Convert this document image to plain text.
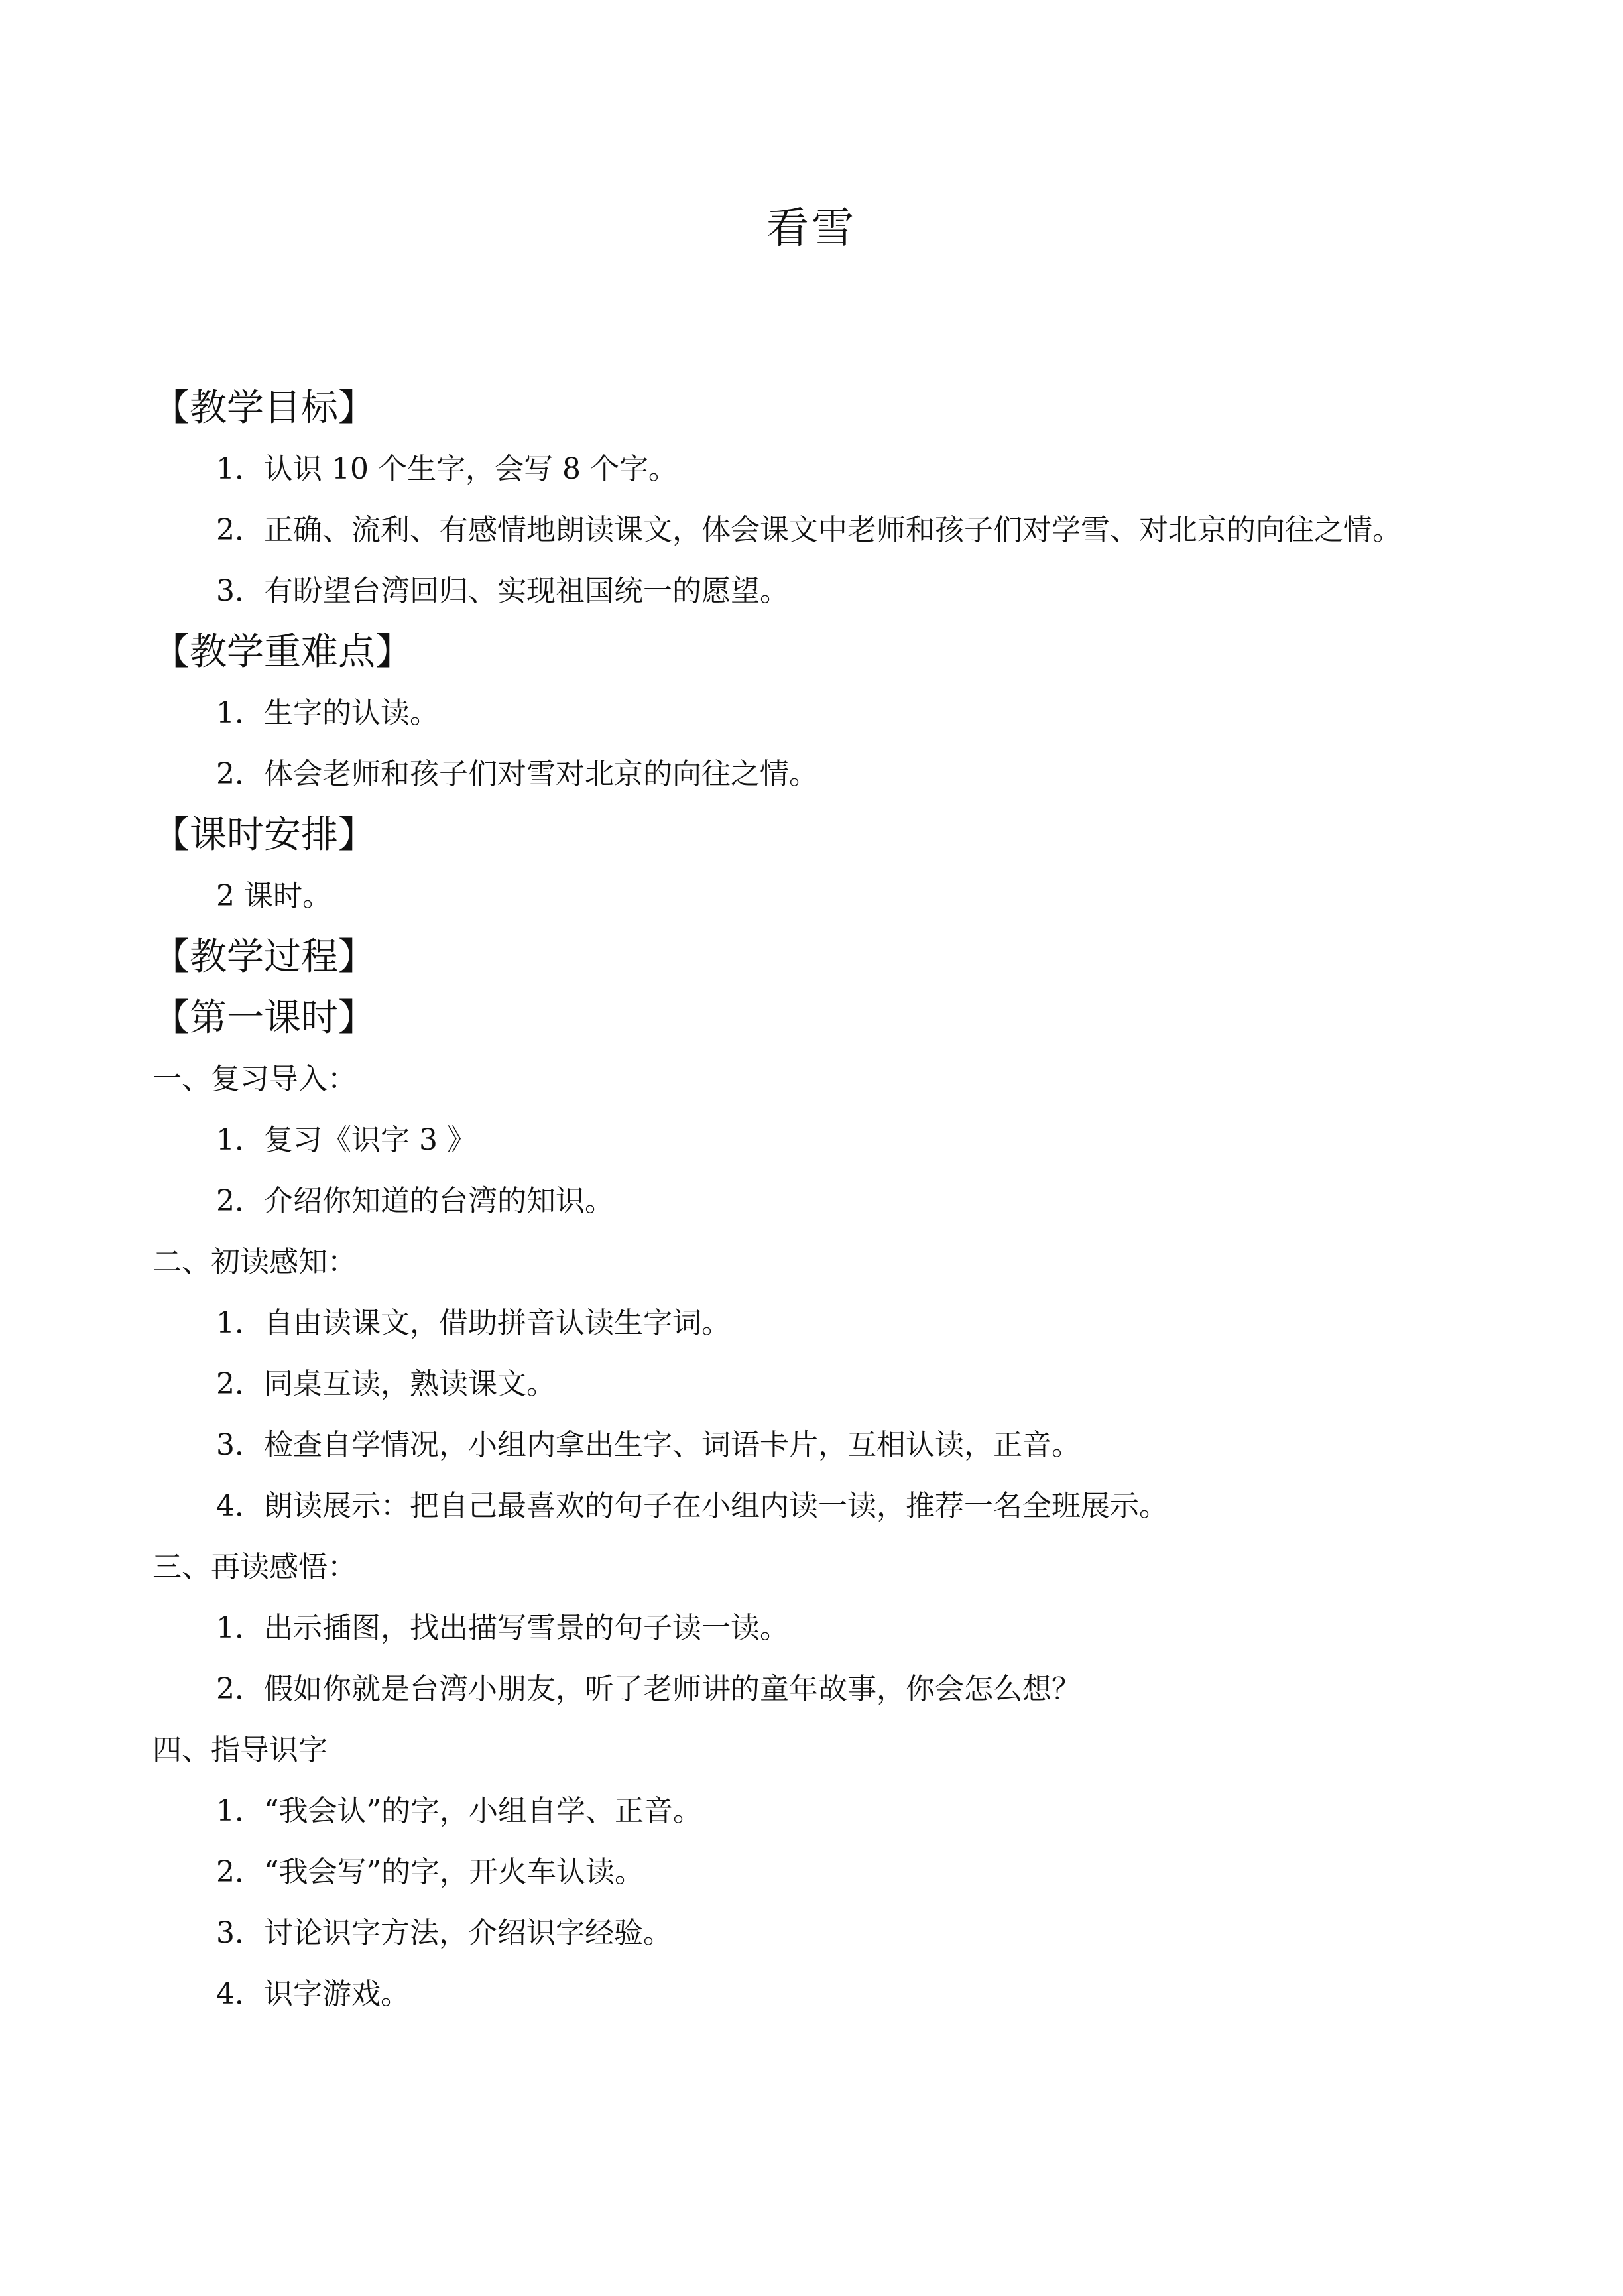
看雪
【教学目标】
1．认识 10 个生字，会写 8 个字。
2．正确、流利、有感情地朗读课文，体会课文中老师和孩子们对学雪、对北京的向往之情。
3．有盼望台湾回归、实现祖国统一的愿望。
【教学重难点】
1．生字的认读。
2．体会老师和孩子们对雪对北京的向往之情。
【课时安排】
2 课时。
【教学过程】
【第一课时】
一、复习导入：
1．复习《识字 3 》
2．介绍你知道的台湾的知识。
二、初读感知：
1．自由读课文，借助拼音认读生字词。
2．同桌互读，熟读课文。
3．检查自学情况，小组内拿出生字、词语卡片，互相认读，正音。
4．朗读展示：把自己最喜欢的句子在小组内读一读，推荐一名全班展示。
三、再读感悟：
1．出示插图，找出描写雪景的句子读一读。
2．假如你就是台湾小朋友，听了老师讲的童年故事，你会怎么想？
四、指导识字
1．“我会认”的字，小组自学、正音。
2．“我会写”的字，开火车认读。
3．讨论识字方法，介绍识字经验。
4．识字游戏。
